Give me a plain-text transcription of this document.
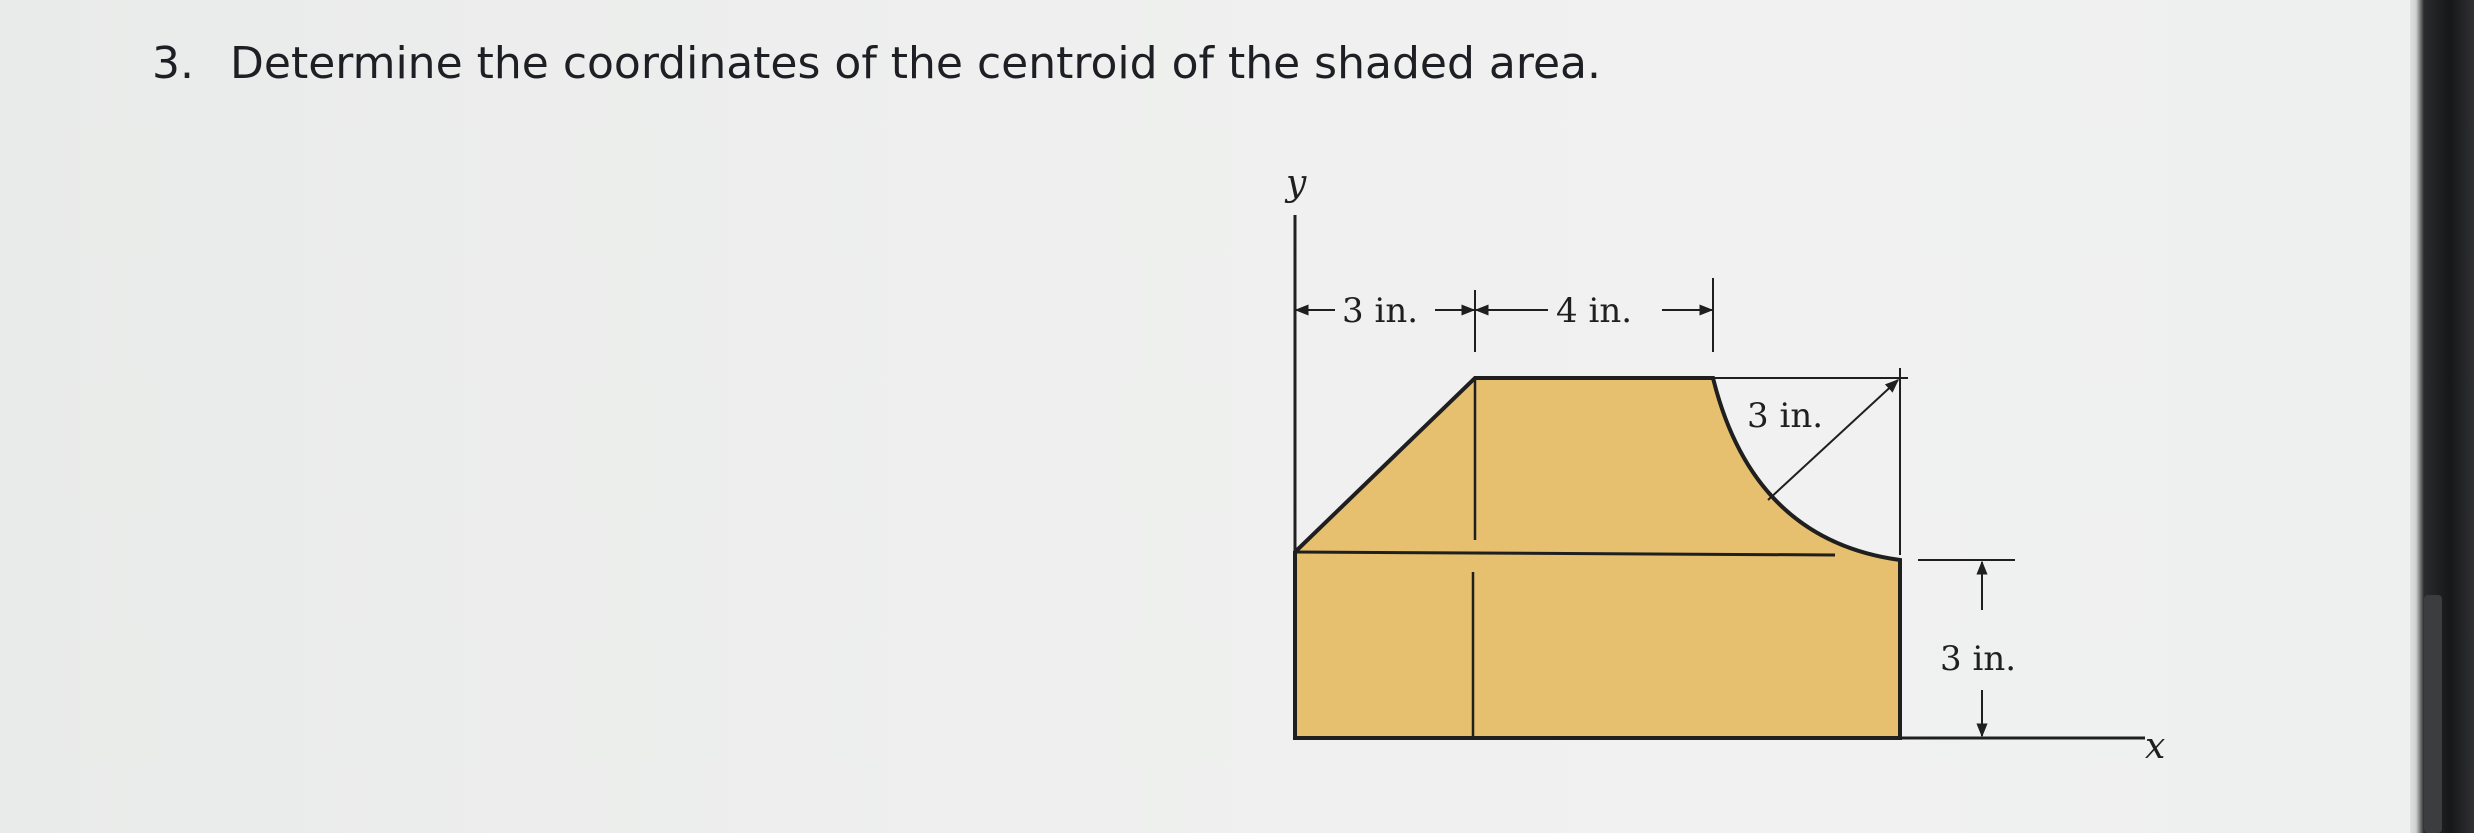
3. Determine the coordinates of the centroid of the shaded area.
y
x
3 in.	4 in.
3 in.
3 in.
